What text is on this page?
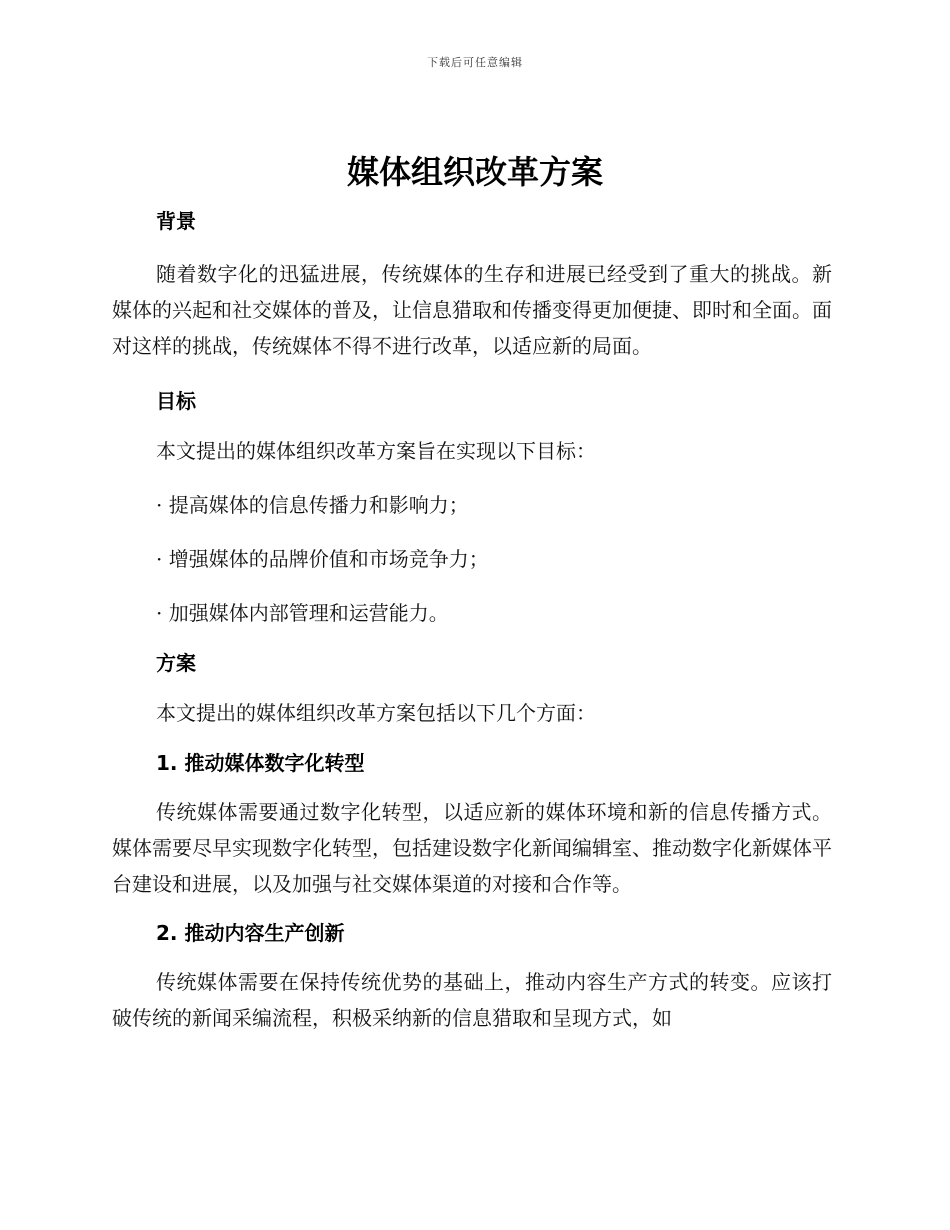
下载后可任意编辑
媒体组织改革方案
背景

随着数字化的迅猛进展，传统媒体的生存和进展已经受到了重大的挑战。新媒体的兴起和社交媒体的普及，让信息猎取和传播变得更加便捷、即时和全面。面对这样的挑战，传统媒体不得不进行改革，以适应新的局面。

目标

本文提出的媒体组织改革方案旨在实现以下目标：

· 提高媒体的信息传播力和影响力；

· 增强媒体的品牌价值和市场竞争力；

· 加强媒体内部管理和运营能力。

方案

本文提出的媒体组织改革方案包括以下几个方面：

1. 推动媒体数字化转型

传统媒体需要通过数字化转型，以适应新的媒体环境和新的信息传播方式。媒体需要尽早实现数字化转型，包括建设数字化新闻编辑室、推动数字化新媒体平台建设和进展，以及加强与社交媒体渠道的对接和合作等。

2. 推动内容生产创新

传统媒体需要在保持传统优势的基础上，推动内容生产方式的转变。应该打破传统的新闻采编流程，积极采纳新的信息猎取和呈现方式，如
